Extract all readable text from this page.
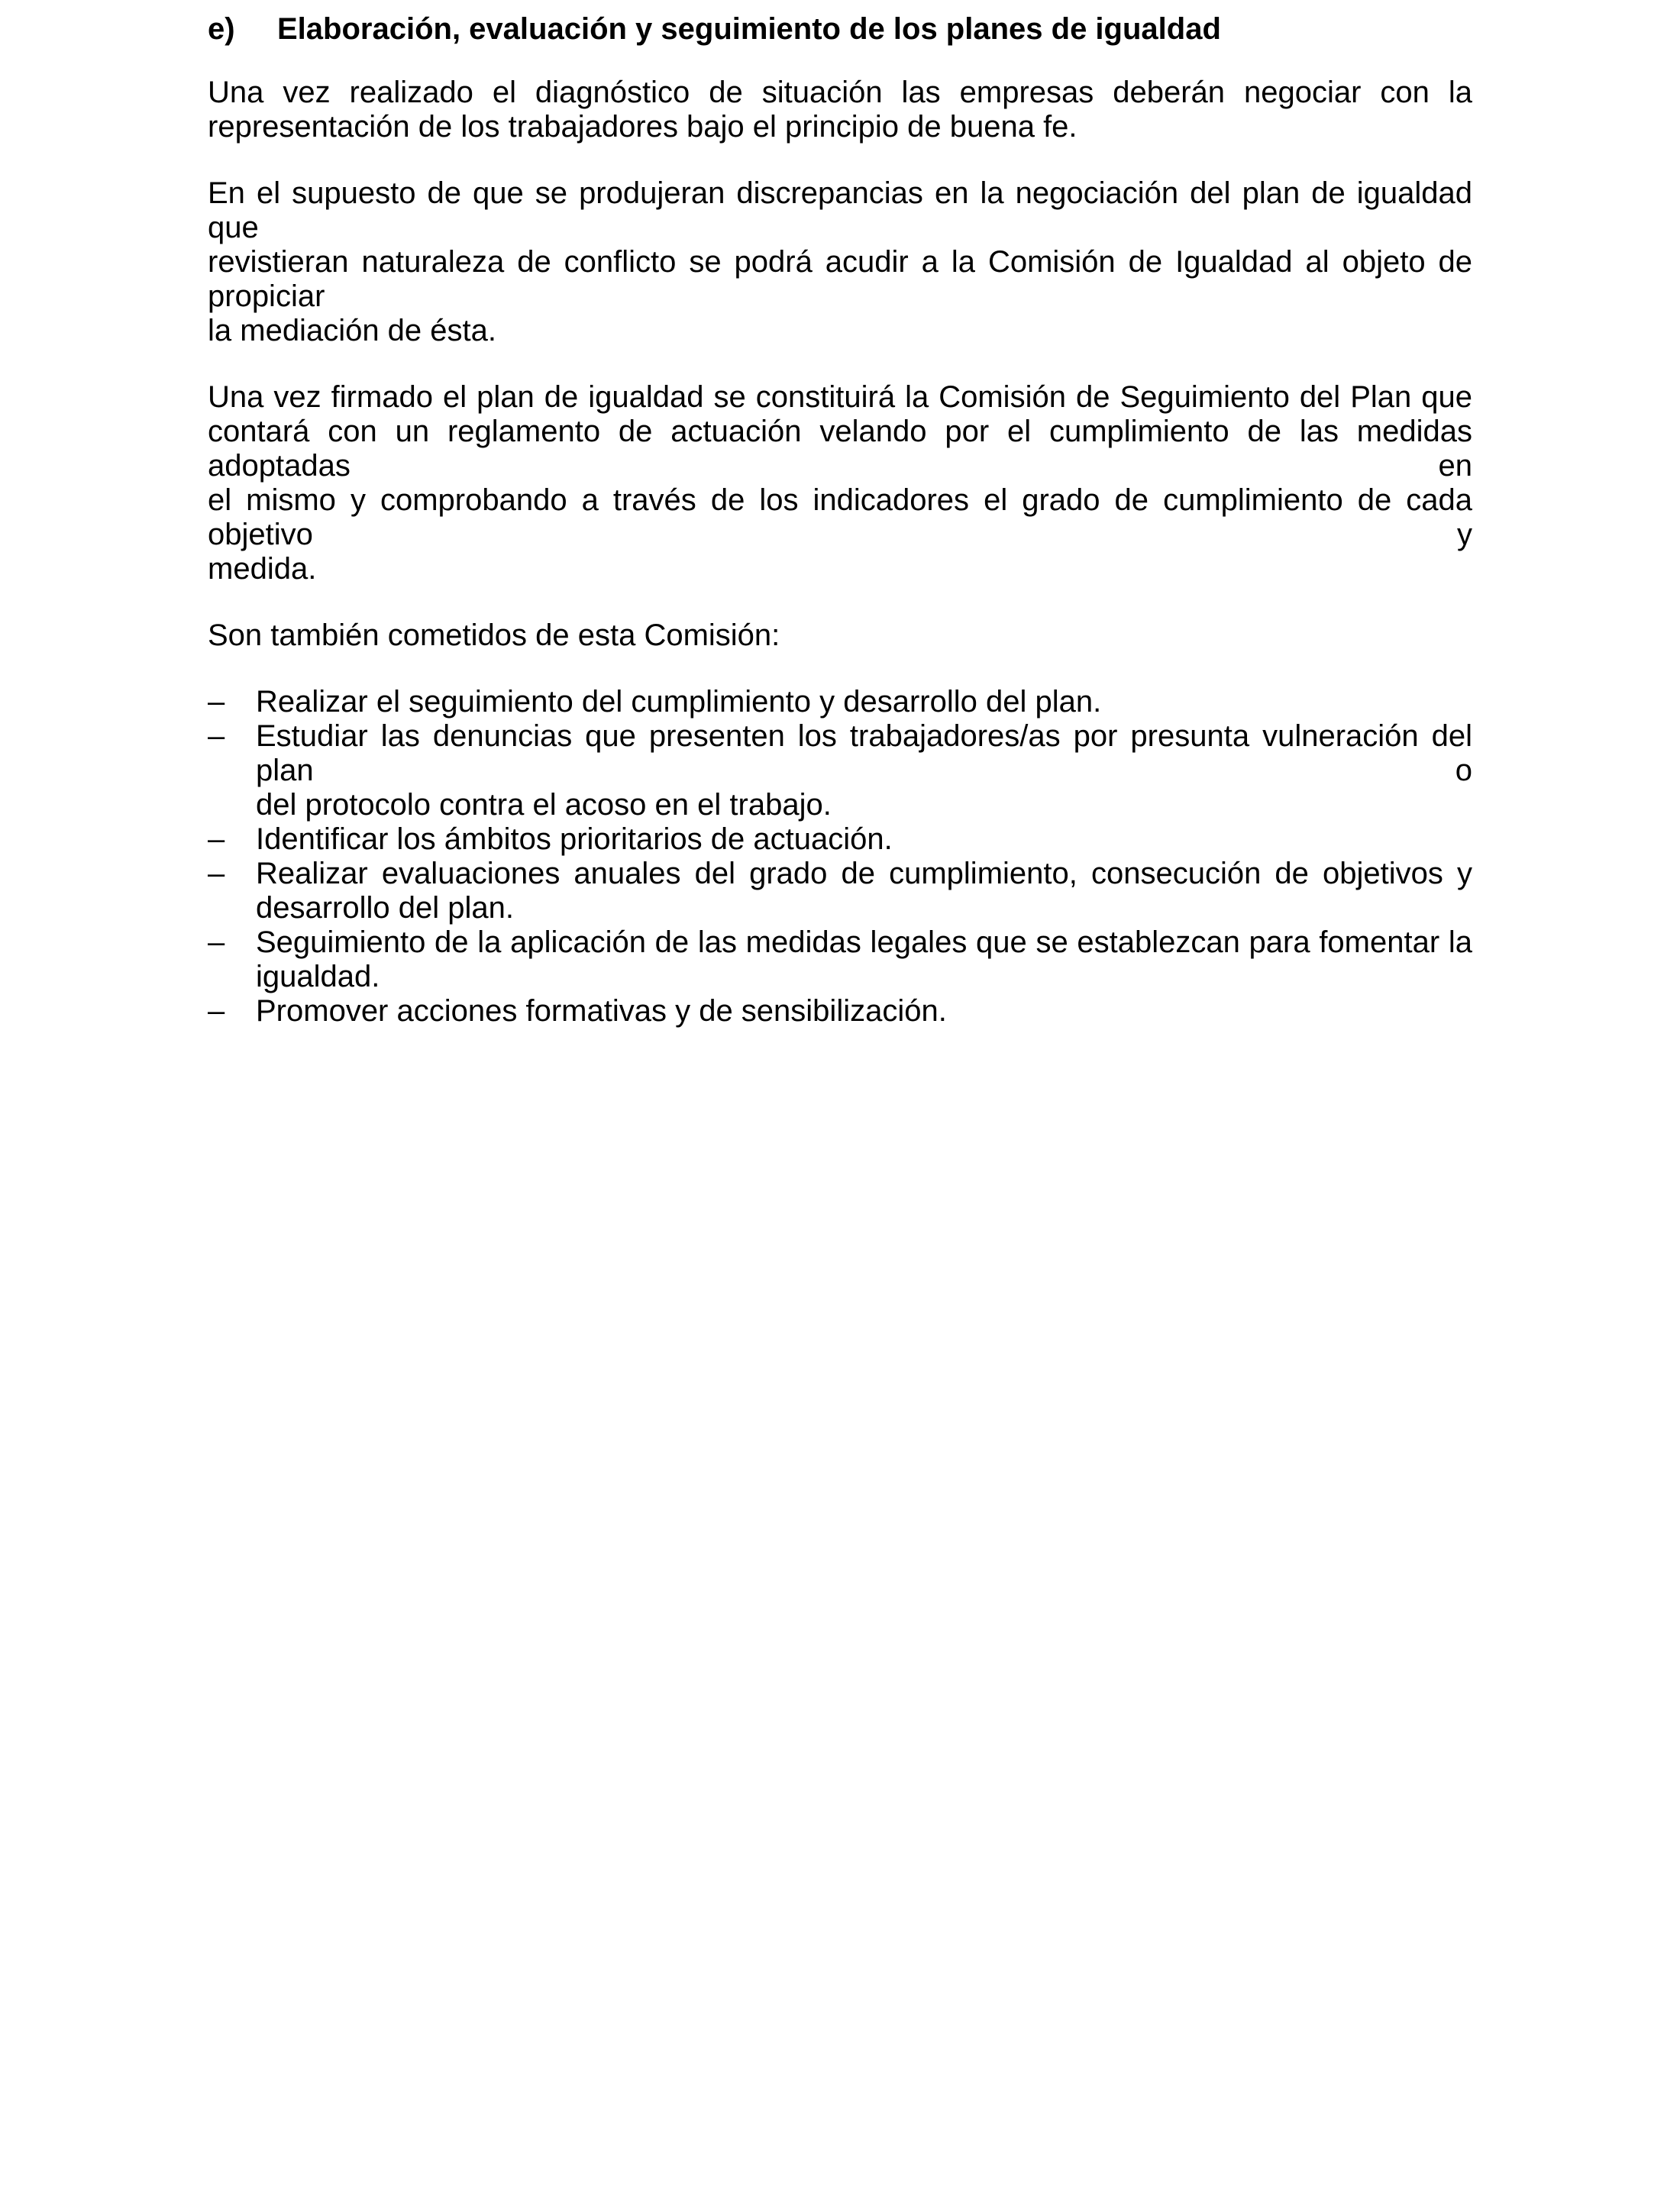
e)	Elaboración, evaluación y seguimiento de los planes de igualdad
Una vez realizado el diagnóstico de situación las empresas deberán negociar con la
representación de los trabajadores bajo el principio de buena fe.
En el supuesto de que se produjeran discrepancias en la negociación del plan de igualdad que
revistieran naturaleza de conflicto se podrá acudir a la Comisión de Igualdad al objeto de propiciar
la mediación de ésta.
Una vez firmado el plan de igualdad se constituirá la Comisión de Seguimiento del Plan que
contará con un reglamento de actuación velando por el cumplimiento de las medidas adoptadas en
el mismo y comprobando a través de los indicadores el grado de cumplimiento de cada objetivo y
medida.
Son también cometidos de esta Comisión:
–	Realizar el seguimiento del cumplimiento y desarrollo del plan.
–	Estudiar las denuncias que presenten los trabajadores/as por presunta vulneración del plan o
del protocolo contra el acoso en el trabajo.
–	Identificar los ámbitos prioritarios de actuación.
–	Realizar evaluaciones anuales del grado de cumplimiento, consecución de objetivos y
desarrollo del plan.
–	Seguimiento de la aplicación de las medidas legales que se establezcan para fomentar la
igualdad.
–	Promover acciones formativas y de sensibilización.
